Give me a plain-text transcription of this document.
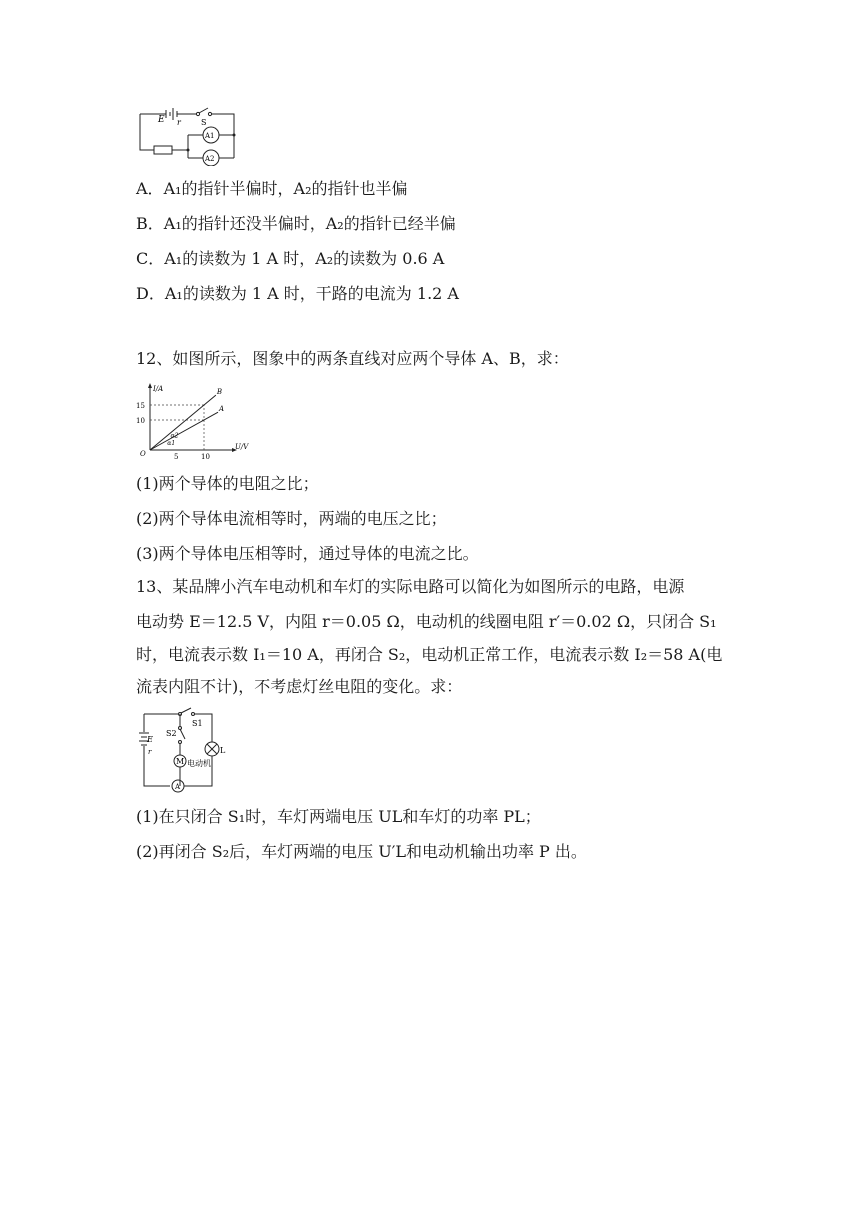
E r	S
A1
A2
A．A₁的指针半偏时，A₂的指针也半偏
B．A₁的指针还没半偏时，A₂的指针已经半偏
C．A₁的读数为 1 A 时，A₂的读数为 0.6 A
D．A₁的读数为 1 A 时，干路的电流为 1.2 A
12、如图所示，图象中的两条直线对应两个导体 A、B，求：
I/A
U/V
O	5	10
10
15
B
A
α2
α1
(1)两个导体的电阻之比；
(2)两个导体电流相等时，两端的电压之比；
(3)两个导体电压相等时，通过导体的电流之比。
13、某品牌小汽车电动机和车灯的实际电路可以简化为如图所示的电路，电源
电动势 E＝12.5 V，内阻 r＝0.05 Ω，电动机的线圈电阻 r′＝0.02 Ω，只闭合 S₁
时，电流表示数 I₁＝10 A，再闭合 S₂，电动机正常工作，电流表示数 I₂＝58 A(电
流表内阻不计)，不考虑灯丝电阻的变化。求：
E
r
S1
S2
M 电动机
L
A
(1)在只闭合 S₁时，车灯两端电压 UL和车灯的功率 PL；
(2)再闭合 S₂后，车灯两端的电压 U′L和电动机输出功率 P 出。
